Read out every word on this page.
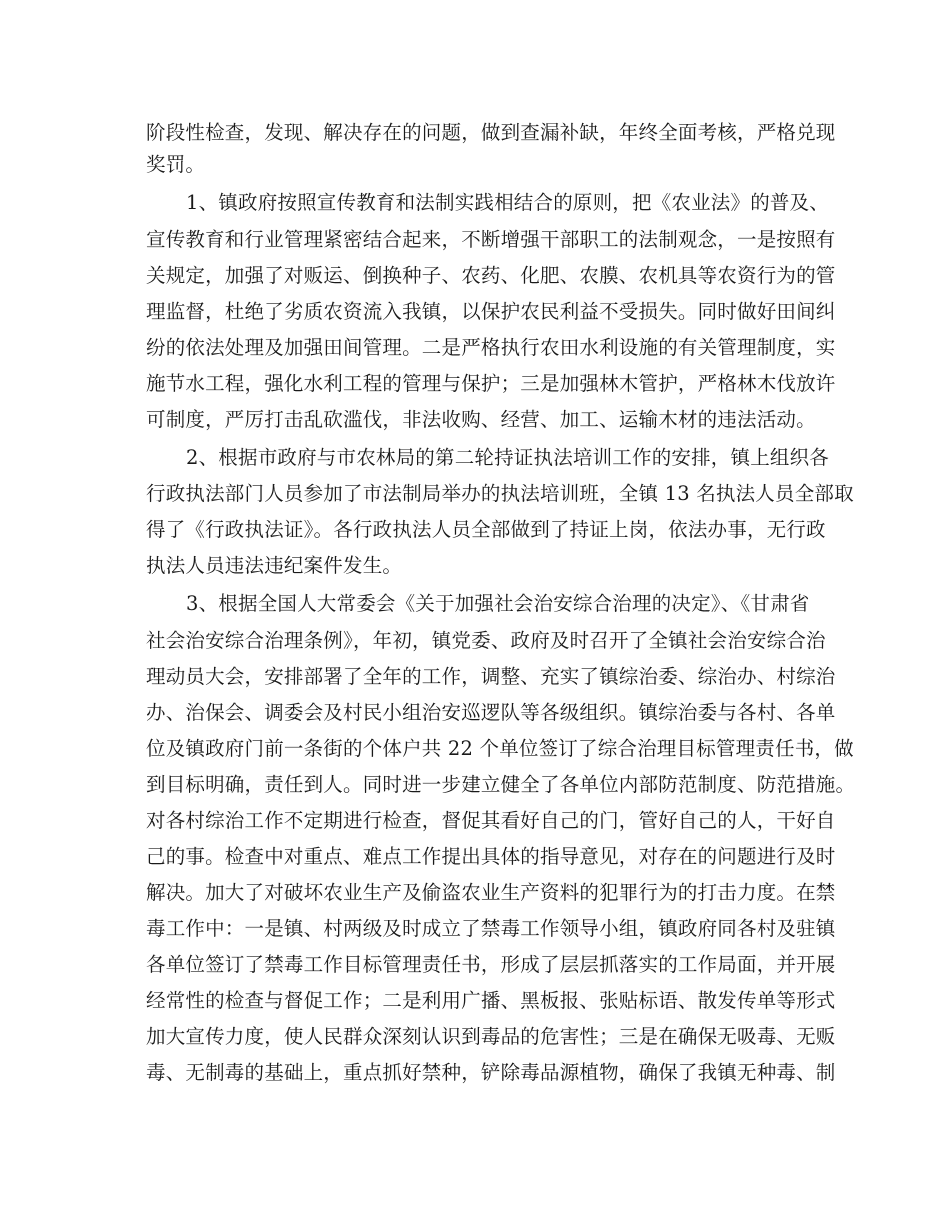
阶段性检查，发现、解决存在的问题，做到查漏补缺，年终全面考核，严格兑现

奖罚。

1、镇政府按照宣传教育和法制实践相结合的原则，把《农业法》的普及、

宣传教育和行业管理紧密结合起来，不断增强干部职工的法制观念，一是按照有

关规定，加强了对贩运、倒换种子、农药、化肥、农膜、农机具等农资行为的管

理监督，杜绝了劣质农资流入我镇，以保护农民利益不受损失。同时做好田间纠

纷的依法处理及加强田间管理。二是严格执行农田水利设施的有关管理制度，实

施节水工程，强化水利工程的管理与保护；三是加强林木管护，严格林木伐放许

可制度，严厉打击乱砍滥伐，非法收购、经营、加工、运输木材的违法活动。

2、根据市政府与市农林局的第二轮持证执法培训工作的安排，镇上组织各

行政执法部门人员参加了市法制局举办的执法培训班，全镇 13 名执法人员全部取

得了《行政执法证》。各行政执法人员全部做到了持证上岗，依法办事，无行政

执法人员违法违纪案件发生。

3、根据全国人大常委会《关于加强社会治安综合治理的决定》、《甘肃省

社会治安综合治理条例》，年初，镇党委、政府及时召开了全镇社会治安综合治

理动员大会，安排部署了全年的工作，调整、充实了镇综治委、综治办、村综治

办、治保会、调委会及村民小组治安巡逻队等各级组织。镇综治委与各村、各单

位及镇政府门前一条街的个体户共 22 个单位签订了综合治理目标管理责任书，做

到目标明确，责任到人。同时进一步建立健全了各单位内部防范制度、防范措施。

对各村综治工作不定期进行检查，督促其看好自己的门，管好自己的人，干好自

己的事。检查中对重点、难点工作提出具体的指导意见，对存在的问题进行及时

解决。加大了对破坏农业生产及偷盗农业生产资料的犯罪行为的打击力度。在禁

毒工作中：一是镇、村两级及时成立了禁毒工作领导小组，镇政府同各村及驻镇

各单位签订了禁毒工作目标管理责任书，形成了层层抓落实的工作局面，并开展

经常性的检查与督促工作；二是利用广播、黑板报、张贴标语、散发传单等形式

加大宣传力度，使人民群众深刻认识到毒品的危害性；三是在确保无吸毒、无贩

毒、无制毒的基础上，重点抓好禁种，铲除毒品源植物，确保了我镇无种毒、制
